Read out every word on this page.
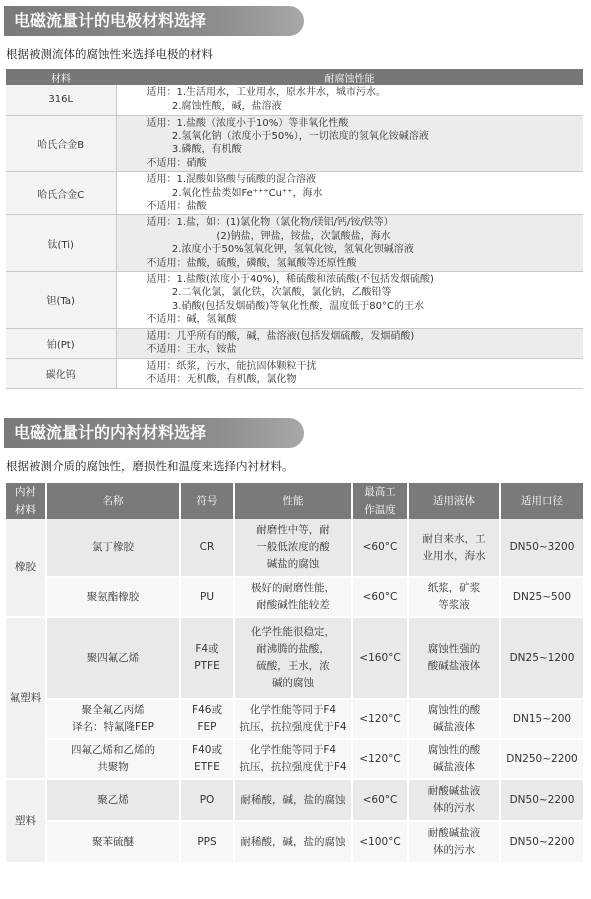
电磁流量计的电极材料选择
根据被测流体的腐蚀性来选择电极的材料
材料	耐腐蚀性能
316L	适用：1.生活用水，工业用水，原水井水，城市污水。
2.腐蚀性酸，碱，盐溶液

哈氏合金B	适用：1.盐酸（浓度小于10%）等非氧化性酸
2.氢氧化钠（浓度小于50%），一切浓度的氢氧化铵碱溶液
3.磷酸，有机酸
不适用：硝酸

哈氏合金C	适用：1.混酸如铬酸与硫酸的混合溶液
2.氧化性盐类如Fe⁺⁺⁺Cu⁺⁺，海水
不适用：盐酸

钛(Ti)	适用：1.盐，如：(1)氯化物（氯化物/镁铝/钙/铵/铁等）
(2)钠盐，钾盐，铵盐，次氯酸盐，海水
2.浓度小于50%氢氧化钾，氢氧化铵，氢氧化钡碱溶液
不适用：盐酸，硫酸，磷酸，氢氟酸等还原性酸

钽(Ta)	适用：1.盐酸(浓度小于40%)，稀硫酸和浓硫酸(不包括发烟硫酸)
2.二氧化氯，氯化铁，次氯酸，氯化钠，乙酸铅等
3.硝酸(包括发烟硝酸)等氧化性酸，温度低于80°C的王水
不适用：碱，氢氟酸

铂(Pt)	适用：几乎所有的酸，碱，盐溶液(包括发烟硫酸，发烟硝酸)
不适用：王水，铵盐

碳化钨	适用：纸浆，污水，能抗固体颗粒干扰
不适用：无机酸，有机酸，氯化物
电磁流量计的内衬材料选择
根据被测介质的腐蚀性，磨损性和温度来选择内衬材料。
内衬
材料	名称	符号	性能	最高工
作温度	适用液体	适用口径
橡胶	氯丁橡胶	CR	耐磨性中等，耐
一般低浓度的酸
碱盐的腐蚀	<60°C	耐自来水，工
业用水，海水	DN50~3200
	聚氨酯橡胶	PU	极好的耐磨性能，
耐酸碱性能较差	<60°C	纸浆，矿浆
等浆液	DN25~500
氟塑料	聚四氟乙烯	F4或
PTFE	化学性能很稳定，
耐沸腾的盐酸，
硫酸，王水，浓
碱的腐蚀	<160°C	腐蚀性强的
酸碱盐液体	DN25~1200
	聚全氟乙丙烯
译名：特氟隆FEP	F46或
FEP	化学性能等同于F4
抗压，抗拉强度优于F4	<120°C	腐蚀性的酸
碱盐液体	DN15~200
	四氟乙烯和乙烯的
共聚物	F40或
ETFE	化学性能等同于F4
抗压，抗拉强度优于F4	<120°C	腐蚀性的酸
碱盐液体	DN250~2200
塑料	聚乙烯	PO	耐稀酸，碱，盐的腐蚀	<60°C	耐酸碱盐液
体的污水	DN50~2200
	聚苯硫醚	PPS	耐稀酸，碱，盐的腐蚀	<100°C	耐酸碱盐液
体的污水	DN50~2200
